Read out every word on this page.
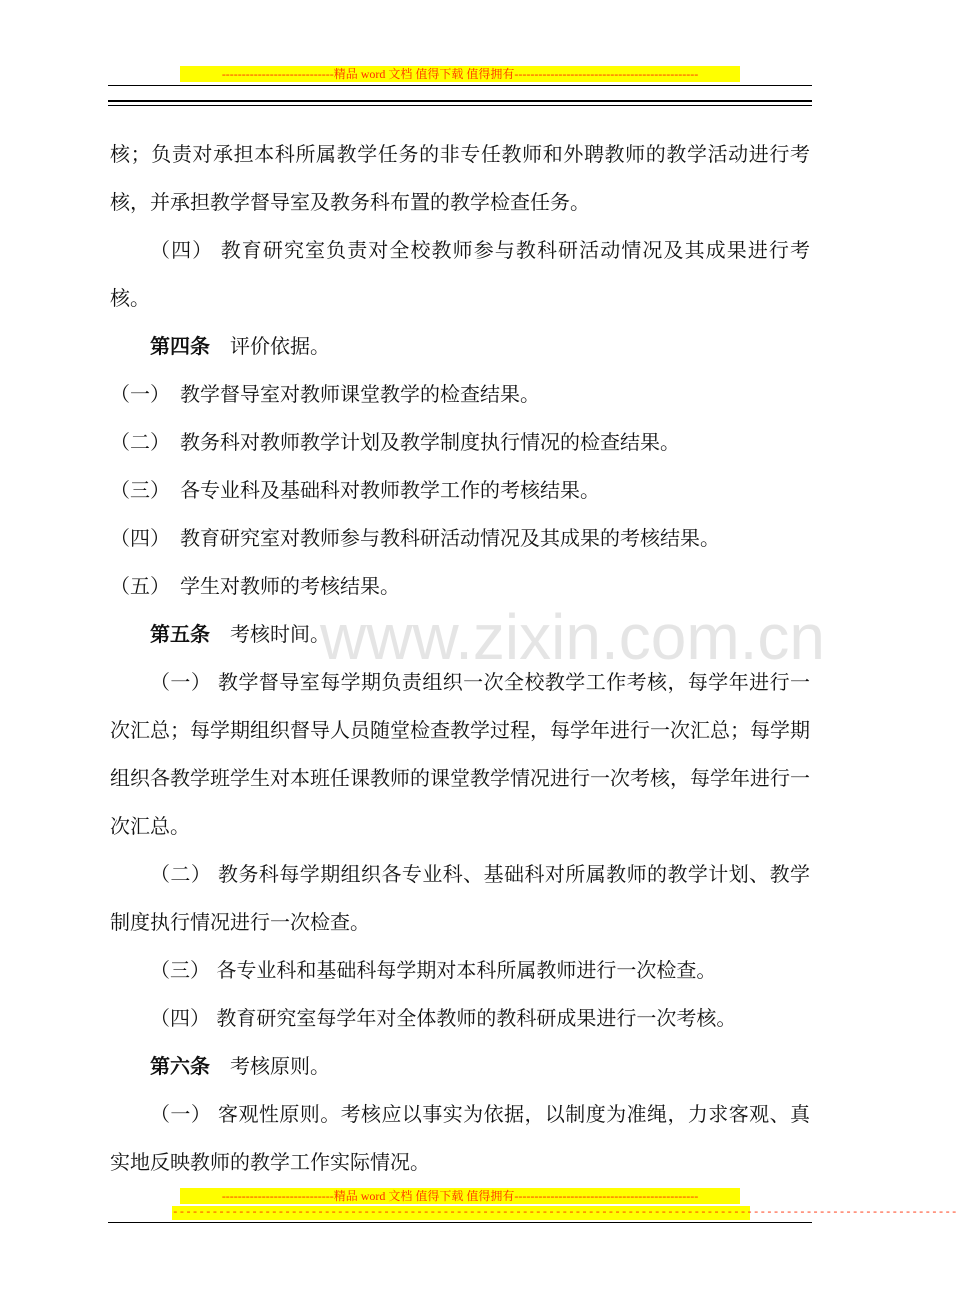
----------------------------精品 word 文档 值得下载 值得拥有----------------------------------------------
www.zixin.com.cn

核；负责对承担本科所属教学任务的非专任教师和外聘教师的教学活动进行考核，并承担教学督导室及教务科布置的教学检查任务。

（四） 教育研究室负责对全校教师参与教科研活动情况及其成果进行考核。

第四条 评价依据。

（一）　教学督导室对教师课堂教学的检查结果。

（二）　教务科对教师教学计划及教学制度执行情况的检查结果。

（三）　各专业科及基础科对教师教学工作的考核结果。

（四）　教育研究室对教师参与教科研活动情况及其成果的考核结果。

（五）　学生对教师的考核结果。

第五条 考核时间。

（一） 教学督导室每学期负责组织一次全校教学工作考核，每学年进行一次汇总；每学期组织督导人员随堂检查教学过程，每学年进行一次汇总；每学期组织各教学班学生对本班任课教师的课堂教学情况进行一次考核，每学年进行一次汇总。

（二） 教务科每学期组织各专业科、基础科对所属教师的教学计划、教学制度执行情况进行一次检查。

（三） 各专业科和基础科每学期对本科所属教师进行一次检查。

（四） 教育研究室每学年对全体教师的教科研成果进行一次考核。

第六条 考核原则。

（一） 客观性原则。考核应以事实为依据，以制度为准绳，力求客观、真实地反映教师的教学工作实际情况。

----------------------------精品 word 文档 值得下载 值得拥有----------------------------------------------
-----------------------------------------------------------------------------------------------------------------------
